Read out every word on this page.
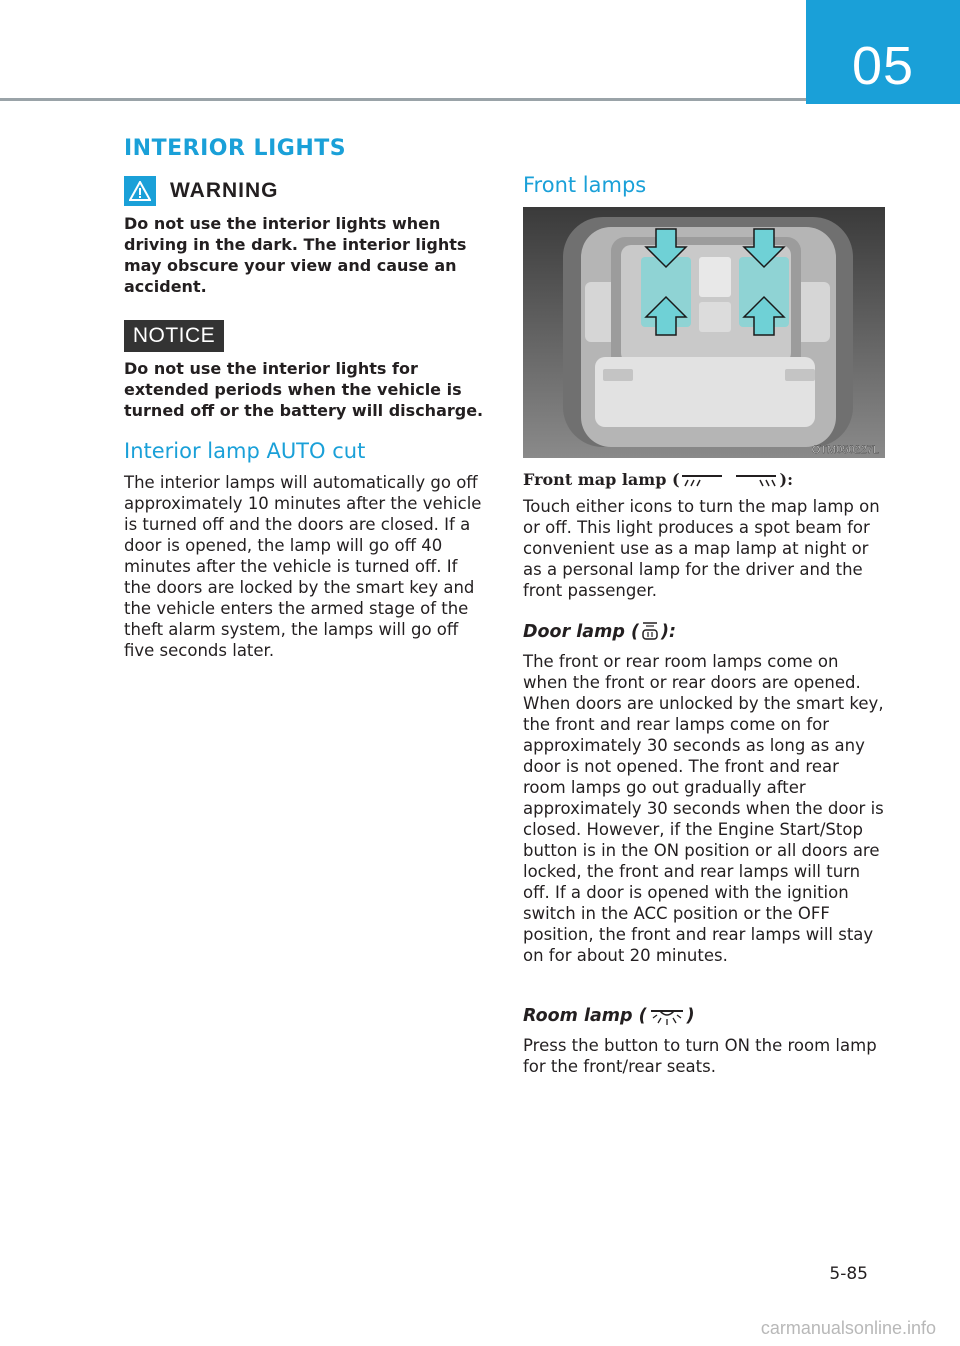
05
INTERIOR LIGHTS
WARNING
Do not use the interior lights when driving in the dark. The interior lights may obscure your view and cause an accident.
NOTICE
Do not use the interior lights for extended periods when the vehicle is turned off or the battery will discharge.
Interior lamp AUTO cut
The interior lamps will automatically go off approximately 10 minutes after the vehicle is turned off and the doors are closed. If a door is opened, the lamp will go off 40 minutes after the vehicle is turned off. If the doors are locked by the smart key and the vehicle enters the armed stage of the theft alarm system, the lamps will go off five seconds later.
Front lamps
OTM050227L
Front map lamp (	):
Touch either icons to turn the map lamp on or off. This light produces a spot beam for convenient use as a map lamp at night or as a personal lamp for the driver and the front passenger.
Door lamp ( ):
The front or rear room lamps come on when the front or rear doors are opened. When doors are unlocked by the smart key, the front and rear lamps come on for approximately 30 seconds as long as any door is not opened. The front and rear room lamps go out gradually after approximately 30 seconds when the door is closed. However, if the Engine Start/Stop button is in the ON position or all doors are locked, the front and rear lamps will turn off. If a door is opened with the ignition switch in the ACC position or the OFF position, the front and rear lamps will stay on for about 20 minutes.
Room lamp ( )
Press the button to turn ON the room lamp for the front/rear seats.
5-85
carmanualsonline.info
